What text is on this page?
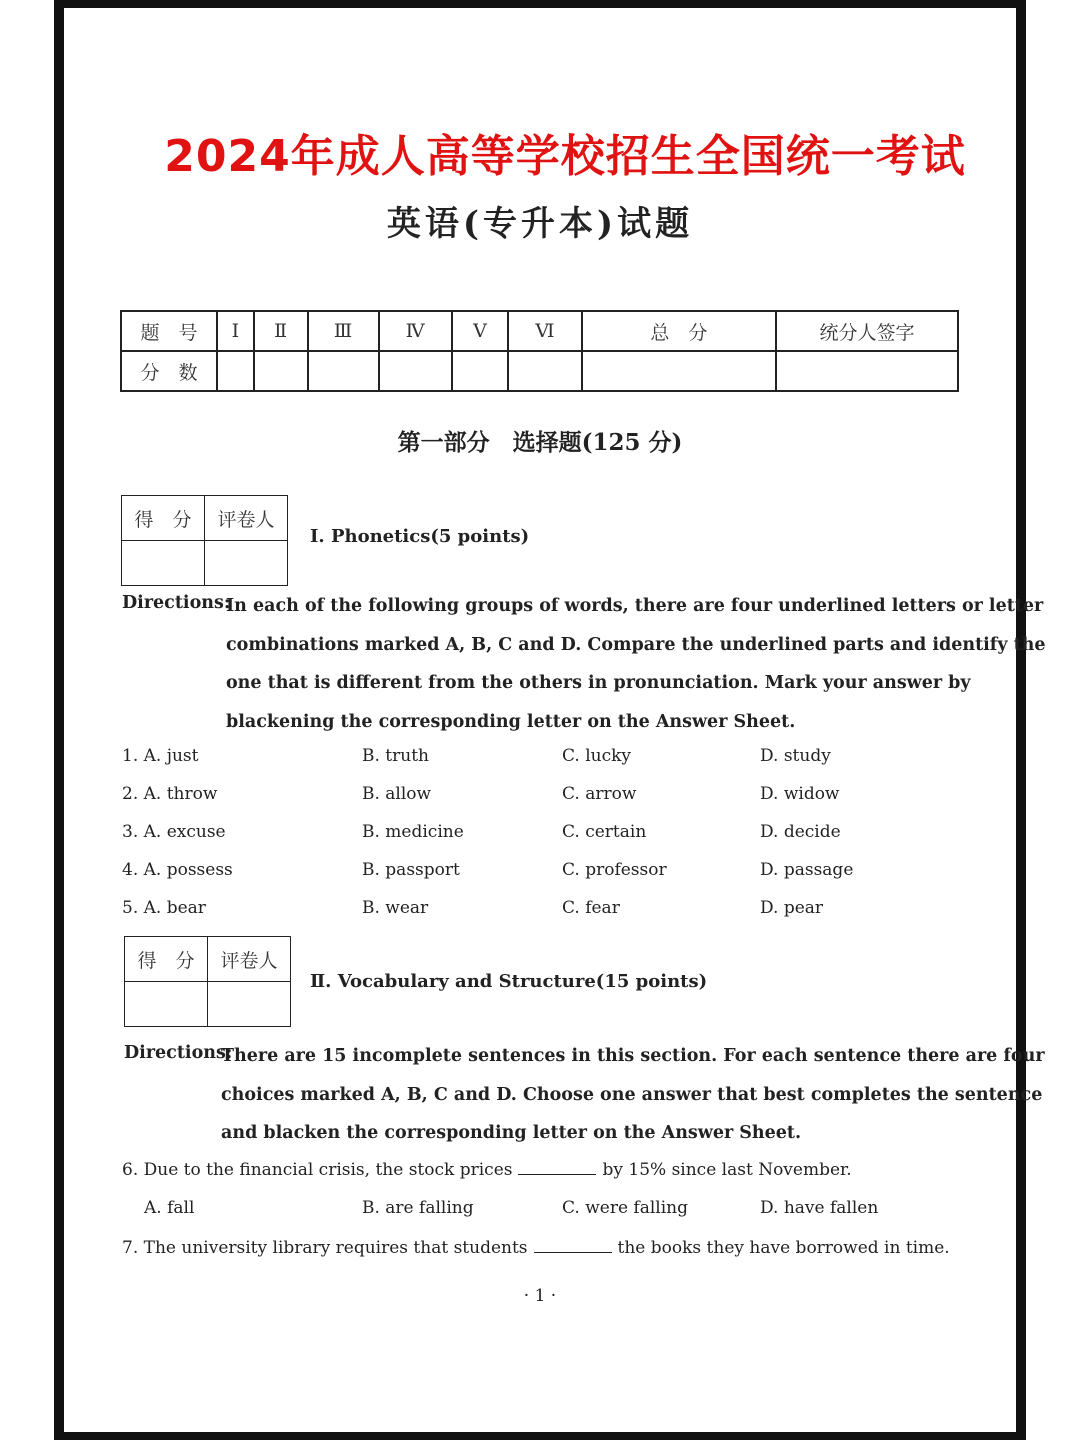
2024年成人高等学校招生全国统一考试
英语(专升本)试题
题　号	Ⅰ	Ⅱ	Ⅲ	Ⅳ	Ⅴ	Ⅵ	总　分	统分人签字
分　数								
第一部分　选择题(125 分)
得　分	评卷人

Ⅰ. Phonetics(5 points)
Directions:
In each of the following groups of words, there are four underlined letters or letter
combinations marked A, B, C and D. Compare the underlined parts and identify the
one that is different from the others in pronunciation. Mark your answer by
blackening the corresponding letter on the Answer Sheet.
1. A. just	B. truth	C. lucky	D. study
2. A. throw	B. allow	C. arrow	D. widow
3. A. excuse	B. medicine	C. certain	D. decide
4. A. possess	B. passport	C. professor	D. passage
5. A. bear	B. wear	C. fear	D. pear
得　分	评卷人

Ⅱ. Vocabulary and Structure(15 points)
Directions:
There are 15 incomplete sentences in this section. For each sentence there are four
choices marked A, B, C and D. Choose one answer that best completes the sentence
and blacken the corresponding letter on the Answer Sheet.
6. Due to the financial crisis, the stock prices	by 15% since last November.
A. fall	B. are falling	C. were falling	D. have fallen
7. The university library requires that students	the books they have borrowed in time.
· 1 ·
